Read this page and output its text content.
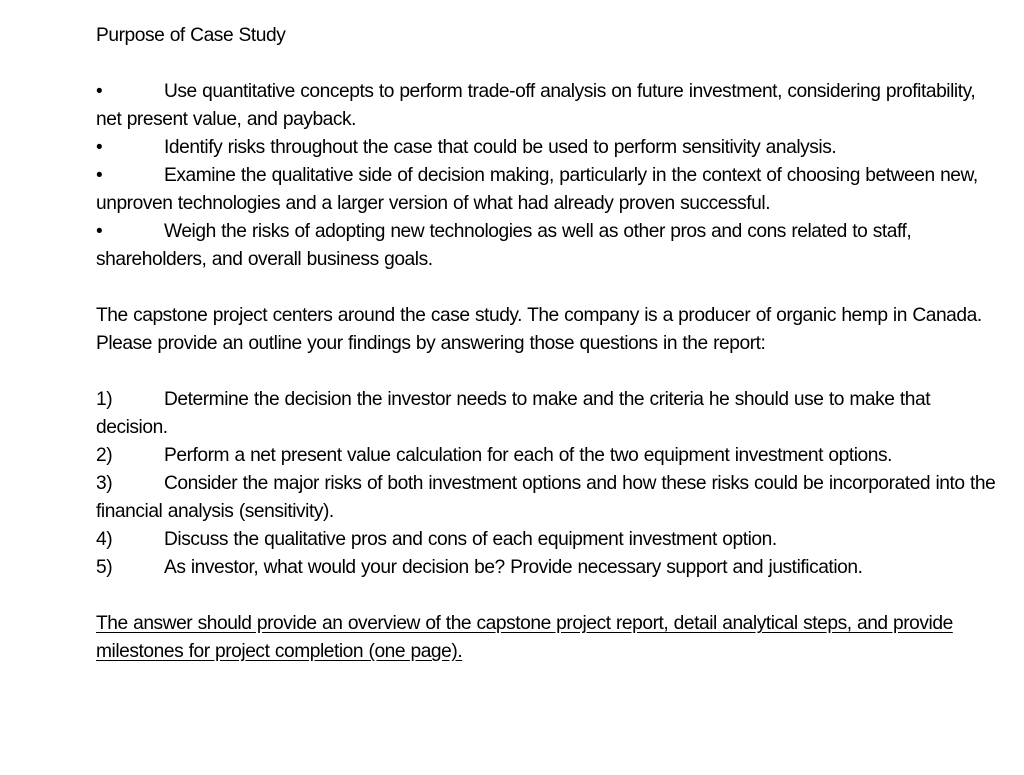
Purpose of Case Study

•	Use quantitative concepts to perform trade-off analysis on future investment, considering profitability, net present value, and payback.

•	Identify risks throughout the case that could be used to perform sensitivity analysis.

•	Examine the qualitative side of decision making, particularly in the context of choosing between new, unproven technologies and a larger version of what had already proven successful.

•	Weigh the risks of adopting new technologies as well as other pros and cons related to staff, shareholders, and overall business goals.

The capstone project centers around the case study. The company is a producer of organic hemp in Canada. Please provide an outline your findings by answering those questions in the report:

1)	Determine the decision the investor needs to make and the criteria he should use to make that decision.

2)	Perform a net present value calculation for each of the two equipment investment options.

3)	Consider the major risks of both investment options and how these risks could be incorporated into the financial analysis (sensitivity).

4)	Discuss the qualitative pros and cons of each equipment investment option.

5)	As investor, what would your decision be? Provide necessary support and justification.

The answer should provide an overview of the capstone project report, detail analytical steps, and provide milestones for project completion (one page).
